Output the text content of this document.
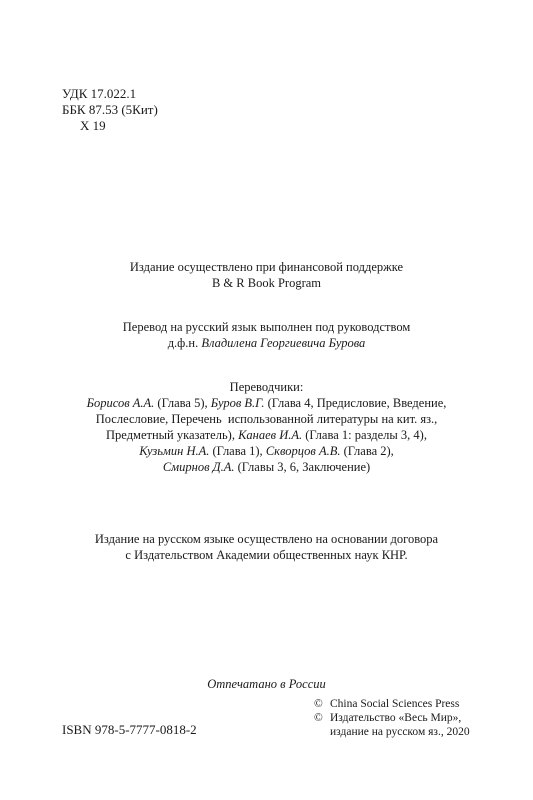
УДК 17.022.1
ББК 87.53 (5Кит)
Х 19
Издание осуществлено при финансовой поддержке
B & R Book Program
Перевод на русский язык выполнен под руководством
д.ф.н. Владилена Георгиевича Бурова
Переводчики:
Борисов А.А. (Глава 5), Буров В.Г. (Глава 4, Предисловие, Введение,
Послесловие, Перечень  использованной литературы на кит. яз.,
Предметный указатель), Канаев И.А. (Глава 1: разделы 3, 4),
Кузьмин Н.А. (Глава 1), Скворцов А.В. (Глава 2),
Смирнов Д.А. (Главы 3, 6, Заключение)
Издание на русском языке осуществлено на основании договора
с Издательством Академии общественных наук КНР.
Отпечатано в России
© China Social Sciences Press
© Издательство «Весь Мир»,
издание на русском яз., 2020
ISBN 978-5-7777-0818-2
